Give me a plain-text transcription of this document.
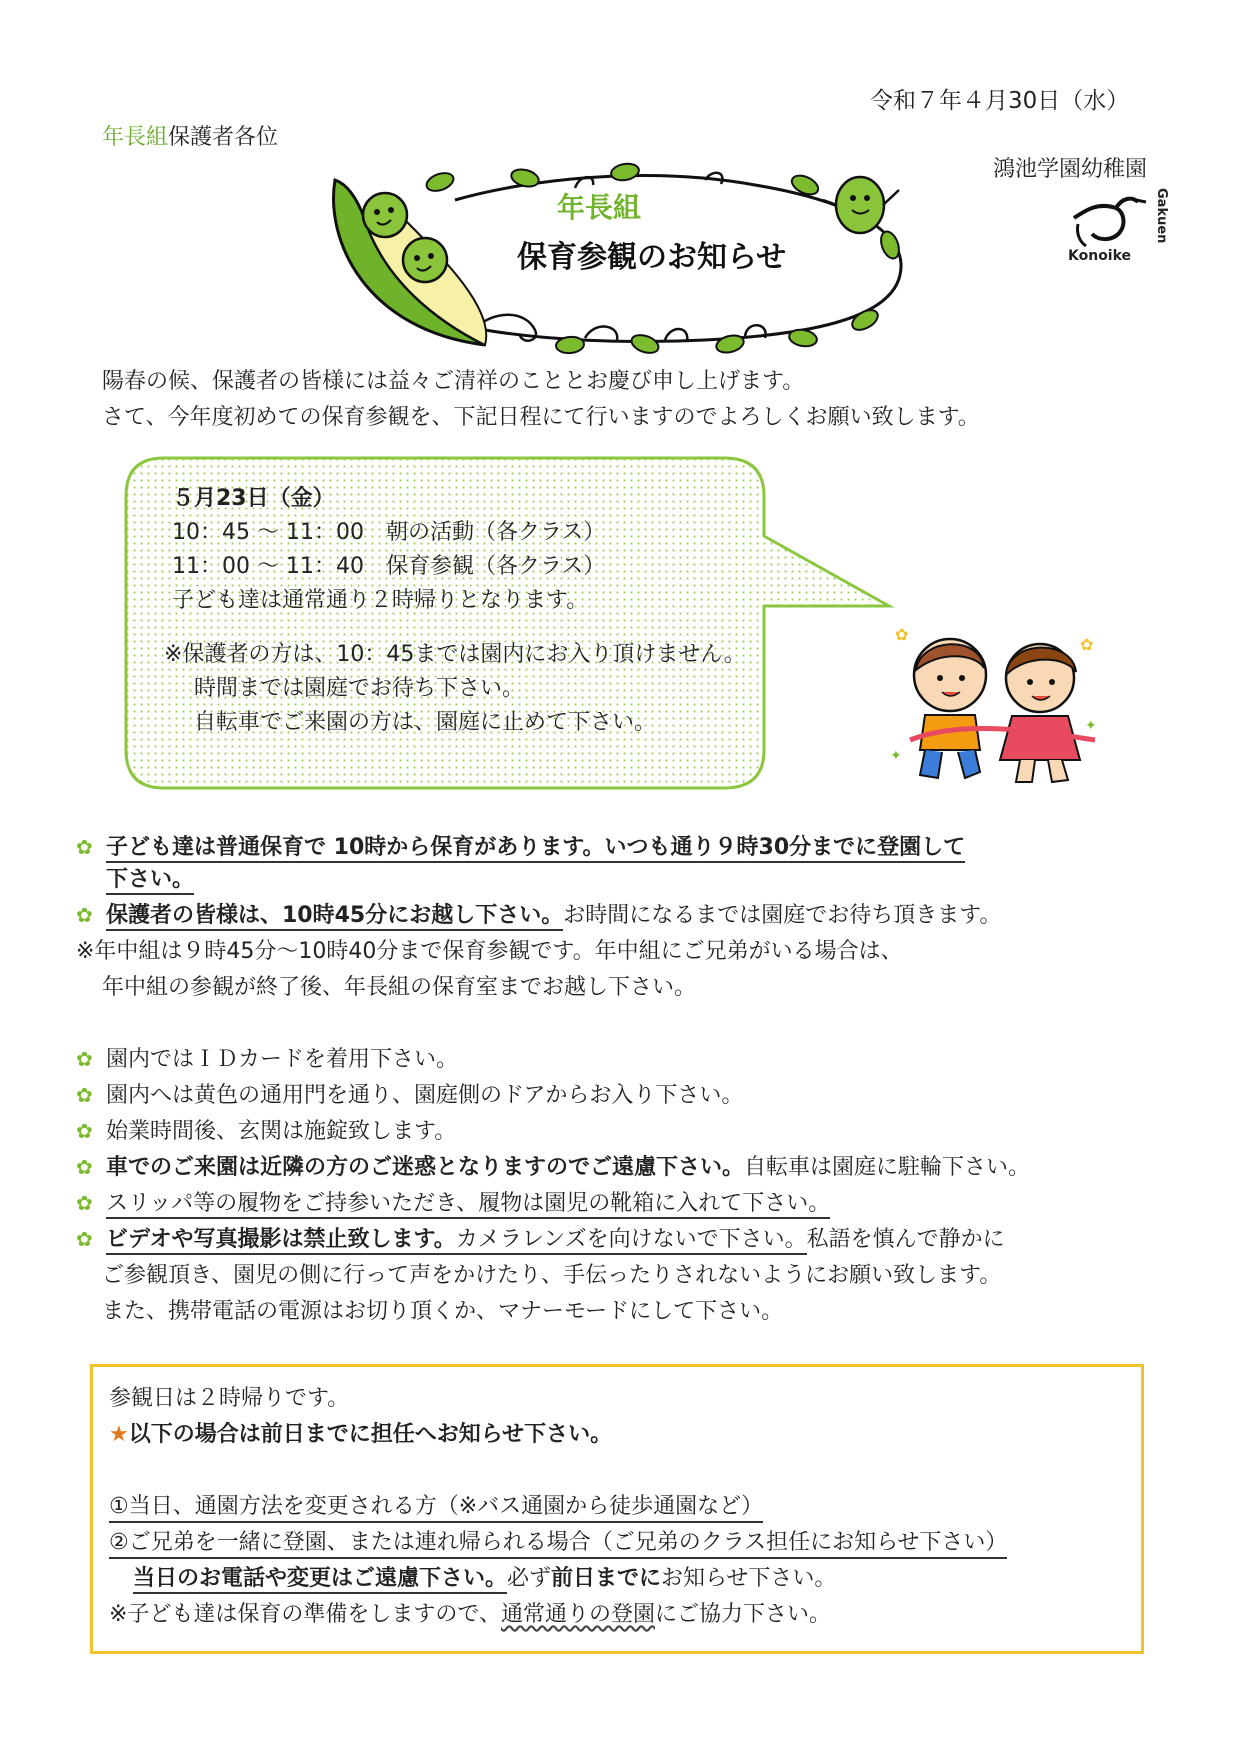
令和７年４月30日（水）
年長組保護者各位
鴻池学園幼稚園
Konoike
Gakuen
年長組
保育参観のお知らせ
陽春の候、保護者の皆様には益々ご清祥のこととお慶び申し上げます。
さて、今年度初めての保育参観を、下記日程にて行いますのでよろしくお願い致します。
５月23日（金）
10：45 ～ 11：00　朝の活動（各クラス）
11：00 ～ 11：40　保育参観（各クラス）
子ども達は通常通り２時帰りとなります。
※保護者の方は、10：45までは園内にお入り頂けません。
　時間までは園庭でお待ち下さい。
　自転車でご来園の方は、園庭に止めて下さい。
✿
✿
✦
✦
✿ 子ども達は普通保育で 10時から保育があります。いつも通り９時30分までに登園して
下さい。
✿ 保護者の皆様は、10時45分にお越し下さい。お時間になるまでは園庭でお待ち頂きます。
※年中組は９時45分～10時40分まで保育参観です。年中組にご兄弟がいる場合は、
年中組の参観が終了後、年長組の保育室までお越し下さい。
✿ 園内ではＩＤカードを着用下さい。
✿ 園内へは黄色の通用門を通り、園庭側のドアからお入り下さい。
✿ 始業時間後、玄関は施錠致します。
✿ 車でのご来園は近隣の方のご迷惑となりますのでご遠慮下さい。自転車は園庭に駐輪下さい。
✿ スリッパ等の履物をご持参いただき、履物は園児の靴箱に入れて下さい。
✿ ビデオや写真撮影は禁止致します。カメラレンズを向けないで下さい。私語を慎んで静かに
ご参観頂き、園児の側に行って声をかけたり、手伝ったりされないようにお願い致します。
また、携帯電話の電源はお切り頂くか、マナーモードにして下さい。
参観日は２時帰りです。
★以下の場合は前日までに担任へお知らせ下さい。
①当日、通園方法を変更される方（※バス通園から徒歩通園など）
②ご兄弟を一緒に登園、または連れ帰られる場合（ご兄弟のクラス担任にお知らせ下さい）
当日のお電話や変更はご遠慮下さい。必ず前日までにお知らせ下さい。
※子ども達は保育の準備をしますので、通常通りの登園にご協力下さい。
